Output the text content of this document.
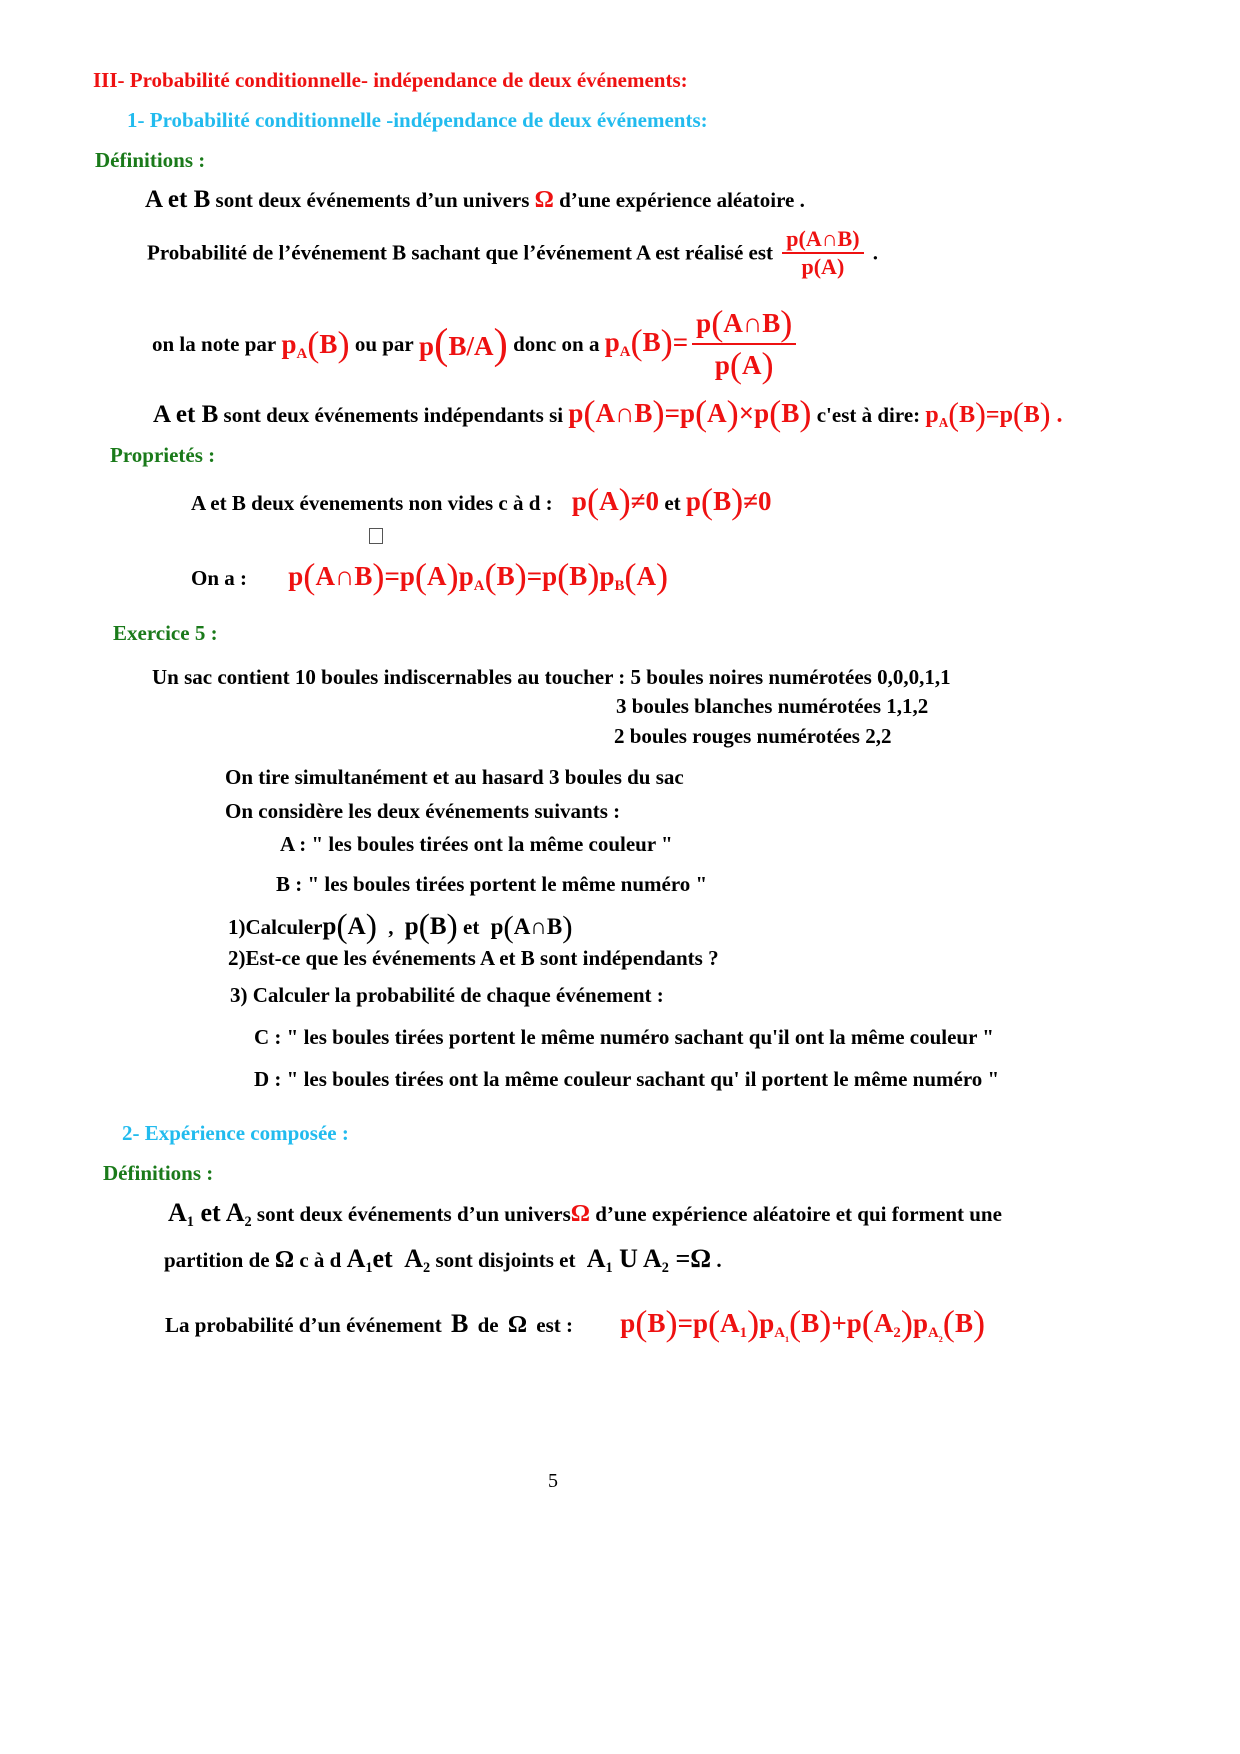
III- Probabilité conditionnelle- indépendance de deux événements:
1- Probabilité conditionnelle -indépendance de deux événements:
Définitions :
A et B sont deux événements d’un univers Ω d’une expérience aléatoire .
Probabilité de l’événement B sachant que l’événement A est réalisé est $\frac{p(A\cap B)}{p(A)}$ .
on la note par $p_A(B)$ ou par p(B/A) donc on a $p_A(B)= \frac{p(A\cap B)}{p(A)}$
A et B sont deux événements indépendants si p(A∩B)=p(A)×p(B) c'est à dire: $p_A(B)=p(B)$ .
Proprietés :
A et B deux évenements non vides c à d : p(A)≠0 et p(B)≠0
On a : $p(A\cap B)=p(A)p_A(B)=p(B)p_B(A)$
Exercice 5 :
Un sac contient 10 boules indiscernables au toucher : 5 boules noires numérotées 0,0,0,1,1
3 boules blanches numérotées 1,1,2
2 boules rouges numérotées 2,2
On tire simultanément et au hasard 3 boules du sac
On considère les deux événements suivants :
A : " les boules tirées ont la même couleur "
B : " les boules tirées portent le même numéro "
1)Calculerp(A) , p(B) et p(A∩B)
2)Est-ce que les événements A et B sont indépendants ?
3) Calculer la probabilité de chaque événement :
C : " les boules tirées portent le même numéro sachant qu'il ont la même couleur "
D : " les boules tirées ont la même couleur sachant qu' il portent le même numéro "
2- Expérience composée :
Définitions :
$A_1$ et $A_2$ sont deux événements d’un universΩ d’une expérience aléatoire et qui forment une
partition de Ω c à d $A_1et$  $A_2$ sont disjoints et $A_1$ U $A_2 =\Omega$ .
La probabilité d’un événement B de Ω est : $p(B)=p(A_1)p_{A_1}(B)+p(A_2)p_{A_2}(B)$
5
